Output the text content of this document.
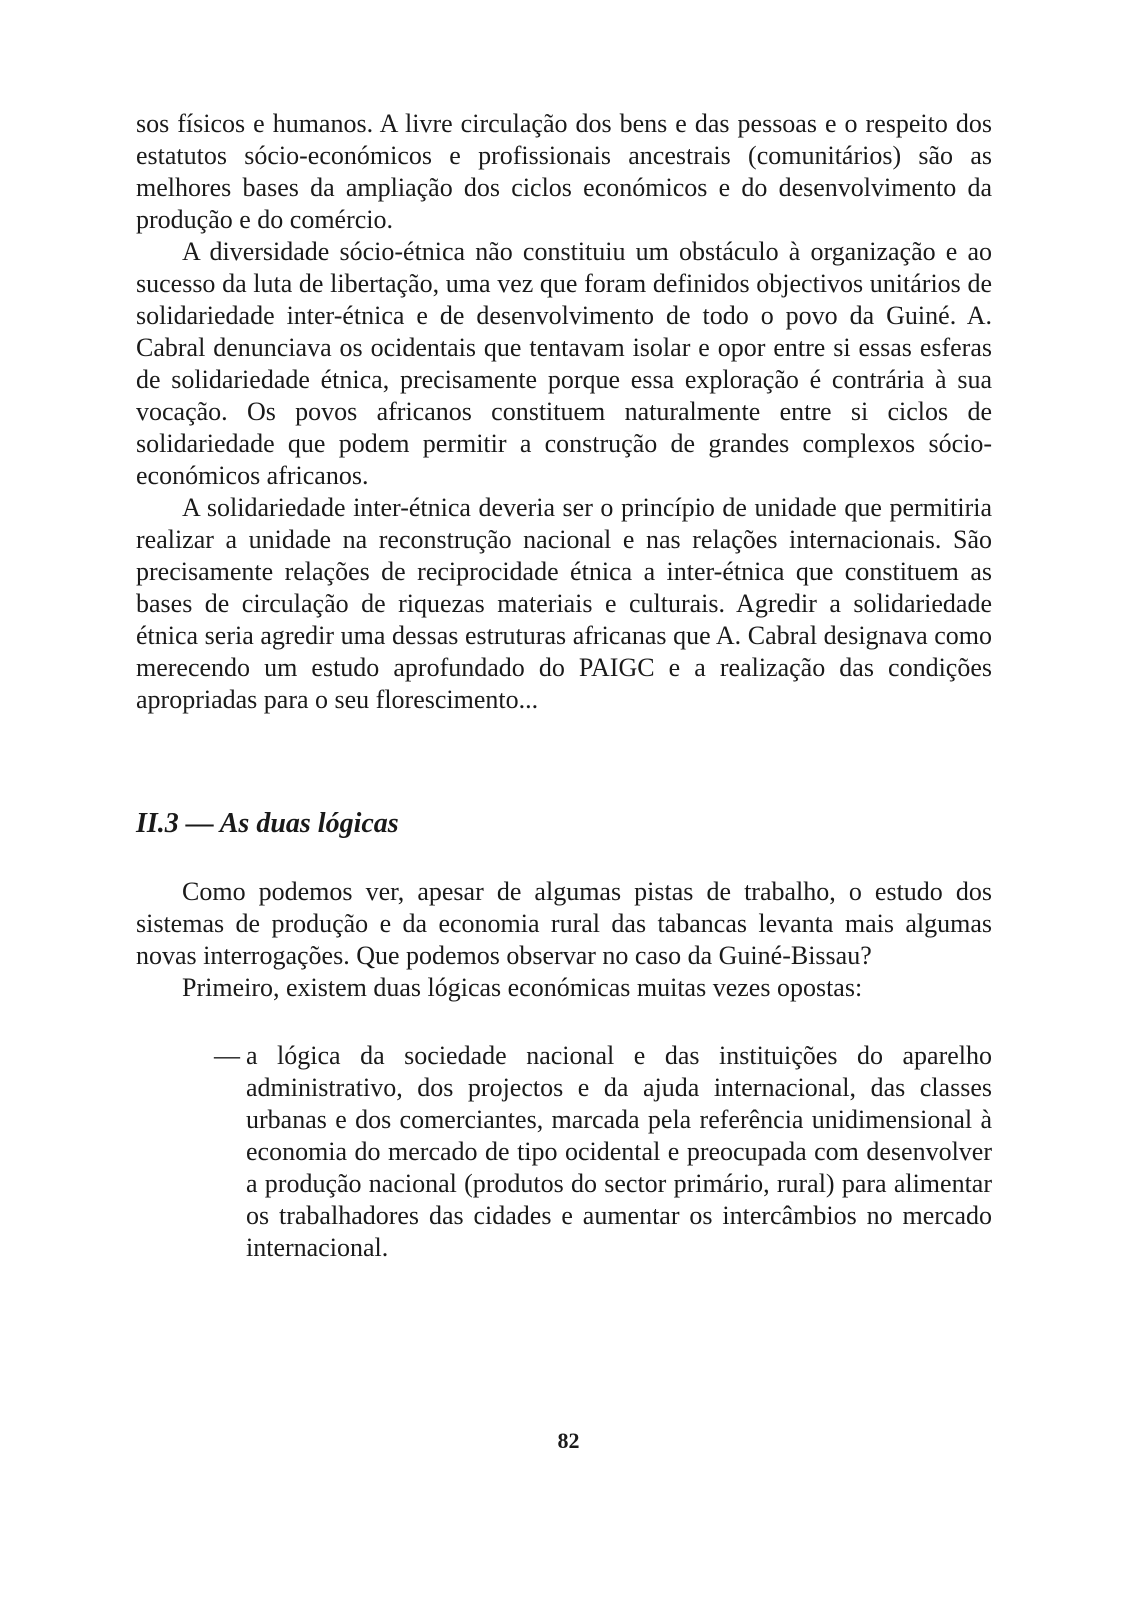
sos físicos e humanos. A livre circulação dos bens e das pessoas e o respeito dos estatutos sócio-económicos e profissionais ancestrais (comunitários) são as melhores bases da ampliação dos ciclos económicos e do desenvolvimento da produção e do comércio.

A diversidade sócio-étnica não constituiu um obstáculo à organização e ao sucesso da luta de libertação, uma vez que foram definidos objectivos unitários de solidariedade inter-étnica e de desenvolvimento de todo o povo da Guiné. A. Cabral denunciava os ocidentais que tentavam isolar e opor entre si essas esferas de solidariedade étnica, precisamente porque essa exploração é contrária à sua vocação. Os povos africanos constituem naturalmente entre si ciclos de solidariedade que podem permitir a construção de grandes complexos sócio-económicos africanos.

A solidariedade inter-étnica deveria ser o princípio de unidade que permitiria realizar a unidade na reconstrução nacional e nas relações internacionais. São precisamente relações de reciprocidade étnica a inter-étnica que constituem as bases de circulação de riquezas materiais e culturais. Agredir a solidariedade étnica seria agredir uma dessas estruturas africanas que A. Cabral designava como merecendo um estudo aprofundado do PAIGC e a realização das condições apropriadas para o seu florescimento...

II.3 — As duas lógicas

Como podemos ver, apesar de algumas pistas de trabalho, o estudo dos sistemas de produção e da economia rural das tabancas levanta mais algumas novas interrogações. Que podemos observar no caso da Guiné-Bissau?

Primeiro, existem duas lógicas económicas muitas vezes opostas:

— a lógica da sociedade nacional e das instituições do aparelho administrativo, dos projectos e da ajuda internacional, das classes urbanas e dos comerciantes, marcada pela referência unidimensional à economia do mercado de tipo ocidental e preocupada com desenvolver a produção nacional (produtos do sector primário, rural) para alimentar os trabalhadores das cidades e aumentar os intercâmbios no mercado internacional.
82
